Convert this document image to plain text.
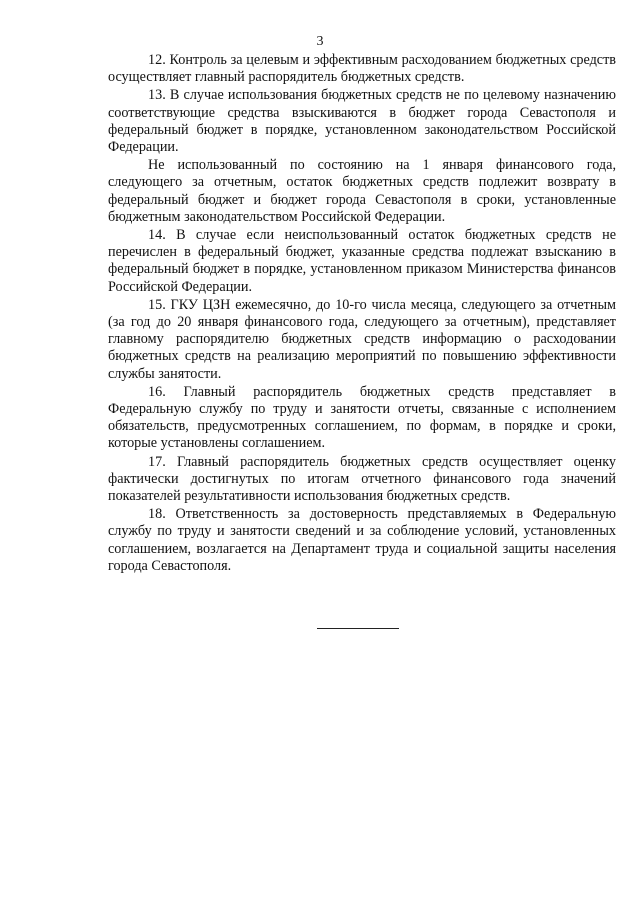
3

12. Контроль за целевым и эффективным расходованием бюджетных средств осуществляет главный распорядитель бюджетных средств.

13. В случае использования бюджетных средств не по целевому назначению соответствующие средства взыскиваются в бюджет города Севастополя и федеральный бюджет в порядке, установленном законодательством Российской Федерации.

Не использованный по состоянию на 1 января финансового года, следующего за отчетным, остаток бюджетных средств подлежит возврату в федеральный бюджет и бюджет города Севастополя в сроки, установленные бюджетным законодательством Российской Федерации.

14. В случае если неиспользованный остаток бюджетных средств не перечислен в федеральный бюджет, указанные средства подлежат взысканию в федеральный бюджет в порядке, установленном приказом Министерства финансов Российской Федерации.

15. ГКУ ЦЗН ежемесячно, до 10-го числа месяца, следующего за отчетным (за год до 20 января финансового года, следующего за отчетным), представляет главному распорядителю бюджетных средств информацию о расходовании бюджетных средств на реализацию мероприятий по повышению эффективности службы занятости.

16. Главный распорядитель бюджетных средств представляет в Федеральную службу по труду и занятости отчеты, связанные с исполнением обязательств, предусмотренных соглашением, по формам, в порядке и сроки, которые установлены соглашением.

17. Главный распорядитель бюджетных средств осуществляет оценку фактически достигнутых по итогам отчетного финансового года значений показателей результативности использования бюджетных средств.

18. Ответственность за достоверность представляемых в Федеральную службу по труду и занятости сведений и за соблюдение условий, установленных соглашением, возлагается на Департамент труда и социальной защиты населения города Севастополя.
